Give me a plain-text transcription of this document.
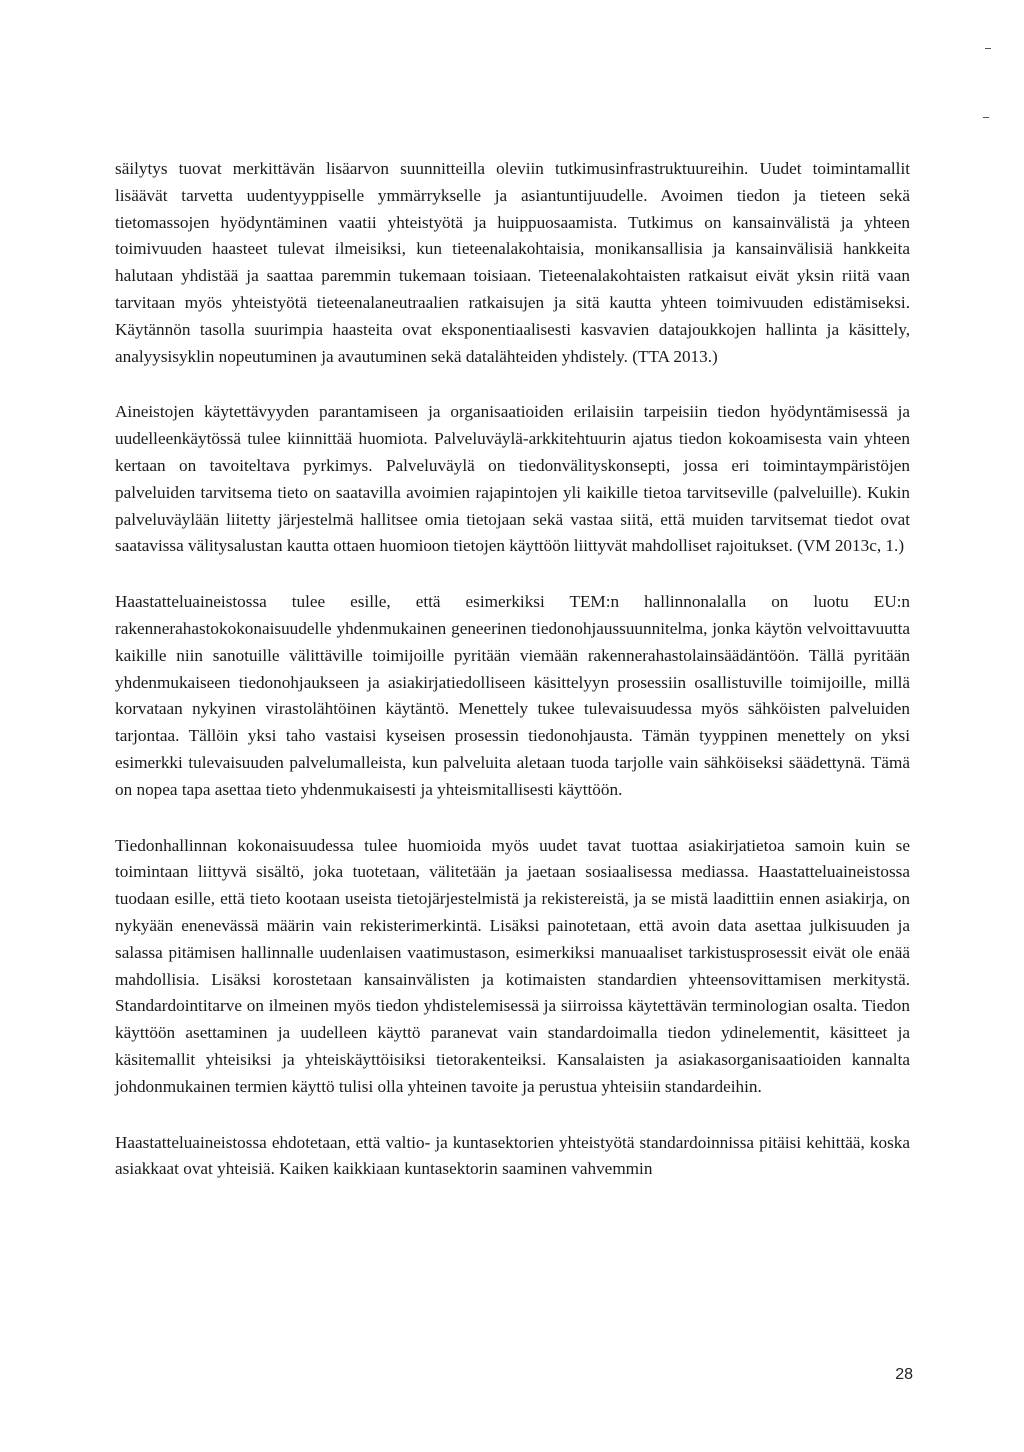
säilytys tuovat merkittävän lisäarvon suunnitteilla oleviin tutkimusinfrastruktuureihin. Uudet toimintamallit lisäävät tarvetta uudentyyppiselle ymmärrykselle ja asiantuntijuudelle. Avoimen tiedon ja tieteen sekä tietomassojen hyödyntäminen vaatii yhteistyötä ja huippuosaamista. Tutkimus on kansainvälistä ja yhteen toimivuuden haasteet tulevat ilmeisiksi, kun tieteenalakohtaisia, monikansallisia ja kansainvälisiä hankkeita halutaan yhdistää ja saattaa paremmin tukemaan toisiaan. Tieteenalakohtaisten ratkaisut eivät yksin riitä vaan tarvitaan myös yhteistyötä tieteenalaneutraalien ratkaisujen ja sitä kautta yhteen toimivuuden edistämiseksi. Käytännön tasolla suurimpia haasteita ovat eksponentiaalisesti kasvavien datajoukkojen hallinta ja käsittely, analyysisyklin nopeutuminen ja avautuminen sekä datalähteiden yhdistely. (TTA 2013.)

Aineistojen käytettävyyden parantamiseen ja organisaatioiden erilaisiin tarpeisiin tiedon hyödyntämisessä ja uudelleenkäytössä tulee kiinnittää huomiota. Palveluväylä-arkkitehtuurin ajatus tiedon kokoamisesta vain yhteen kertaan on tavoiteltava pyrkimys. Palveluväylä on tiedonvälityskonsepti, jossa eri toimintaympäristöjen palveluiden tarvitsema tieto on saatavilla avoimien rajapintojen yli kaikille tietoa tarvitseville (palveluille). Kukin palveluväylään liitetty järjestelmä hallitsee omia tietojaan sekä vastaa siitä, että muiden tarvitsemat tiedot ovat saatavissa välitysalustan kautta ottaen huomioon tietojen käyttöön liittyvät mahdolliset rajoitukset. (VM 2013c, 1.)

Haastatteluaineistossa tulee esille, että esimerkiksi TEM:n hallinnonalalla on luotu EU:n rakennerahastokokonaisuudelle yhdenmukainen geneerinen tiedonohjaussuunnitelma, jonka käytön velvoittavuutta kaikille niin sanotuille välittäville toimijoille pyritään viemään rakennerahastolainsäädäntöön. Tällä pyritään yhdenmukaiseen tiedonohjaukseen ja asiakirjatiedolliseen käsittelyyn prosessiin osallistuville toimijoille, millä korvataan nykyinen virastolähtöinen käytäntö. Menettely tukee tulevaisuudessa myös sähköisten palveluiden tarjontaa. Tällöin yksi taho vastaisi kyseisen prosessin tiedonohjausta. Tämän tyyppinen menettely on yksi esimerkki tulevaisuuden palvelumalleista, kun palveluita aletaan tuoda tarjolle vain sähköiseksi säädettynä. Tämä on nopea tapa asettaa tieto yhdenmukaisesti ja yhteismitallisesti käyttöön.

Tiedonhallinnan kokonaisuudessa tulee huomioida myös uudet tavat tuottaa asiakirjatietoa samoin kuin se toimintaan liittyvä sisältö, joka tuotetaan, välitetään ja jaetaan sosiaalisessa mediassa. Haastatteluaineistossa tuodaan esille, että tieto kootaan useista tietojärjestelmistä ja rekistereistä, ja se mistä laadittiin ennen asiakirja, on nykyään enenevässä määrin vain rekisterimerkintä. Lisäksi painotetaan, että avoin data asettaa julkisuuden ja salassa pitämisen hallinnalle uudenlaisen vaatimustason, esimerkiksi manuaaliset tarkistusprosessit eivät ole enää mahdollisia. Lisäksi korostetaan kansainvälisten ja kotimaisten standardien yhteensovittamisen merkitystä. Standardointitarve on ilmeinen myös tiedon yhdistelemisessä ja siirroissa käytettävän terminologian osalta. Tiedon käyttöön asettaminen ja uudelleen käyttö paranevat vain standardoimalla tiedon ydinelementit, käsitteet ja käsitemallit yhteisiksi ja yhteiskäyttöisiksi tietorakenteiksi. Kansalaisten ja asiakasorganisaatioiden kannalta johdonmukainen termien käyttö tulisi olla yhteinen tavoite ja perustua yhteisiin standardeihin.

Haastatteluaineistossa ehdotetaan, että valtio- ja kuntasektorien yhteistyötä standardoinnissa pitäisi kehittää, koska asiakkaat ovat yhteisiä. Kaiken kaikkiaan kuntasektorin saaminen vahvemmin

28
